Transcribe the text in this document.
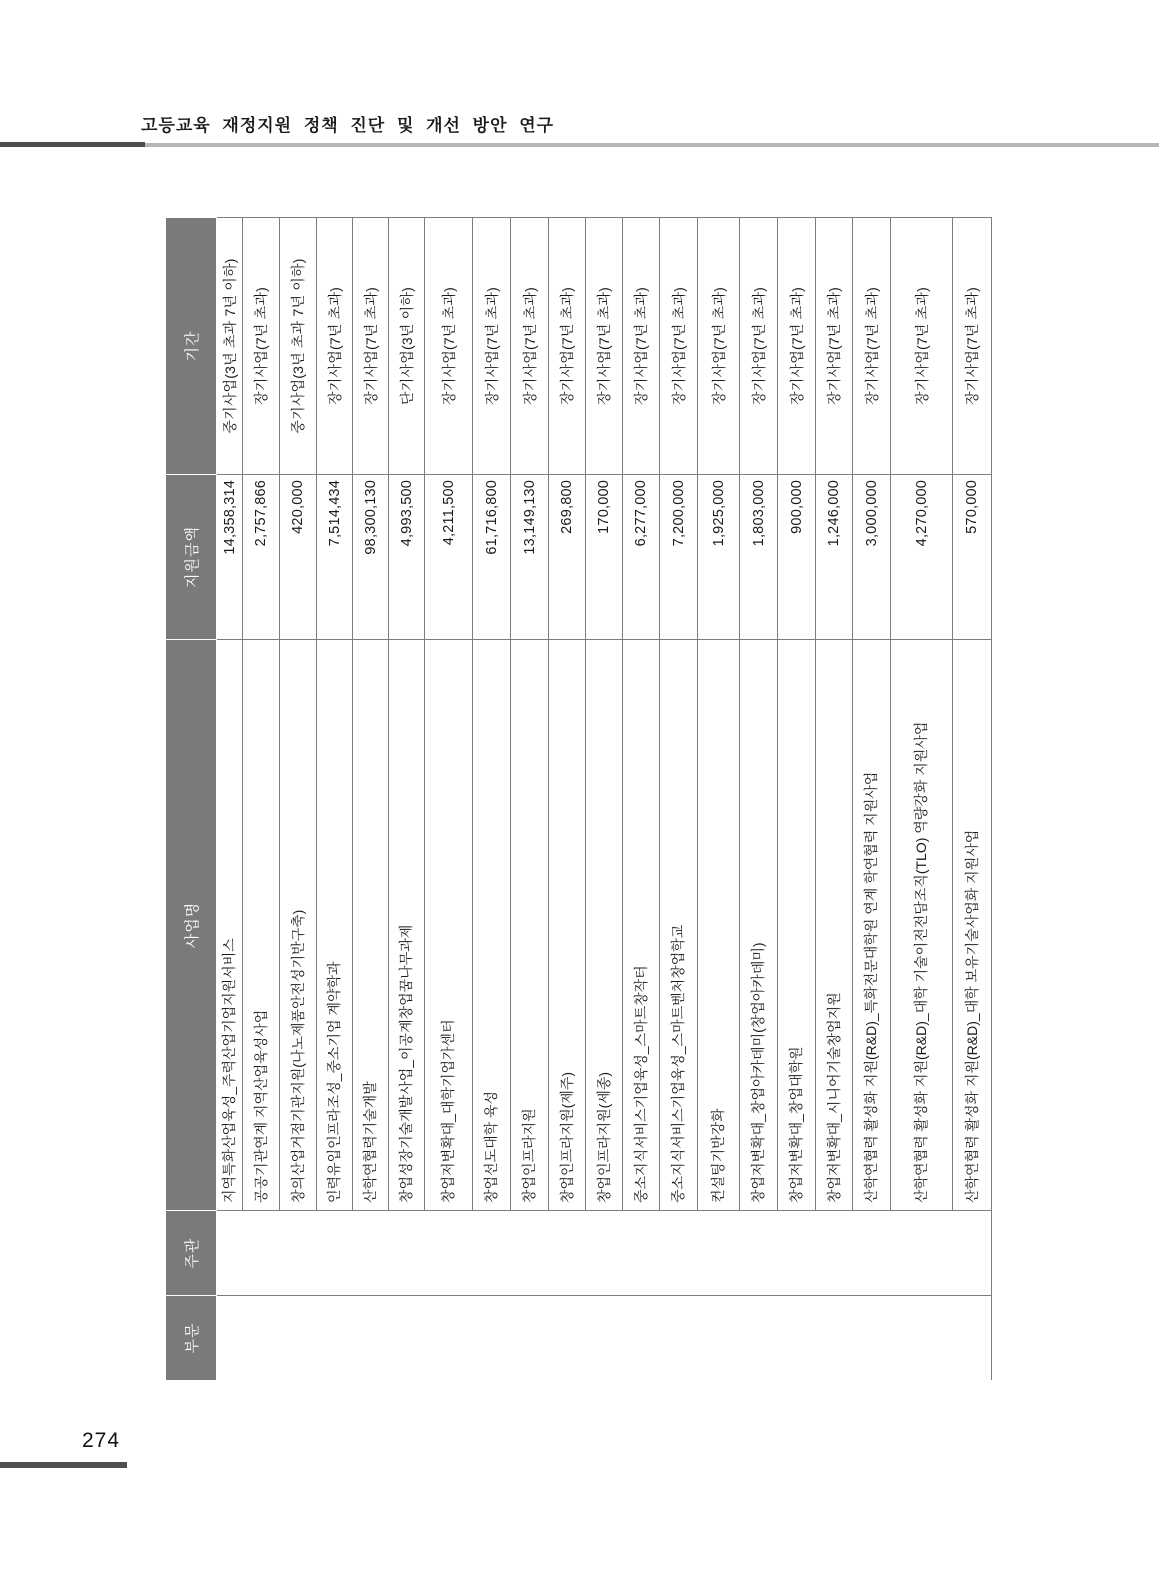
고등교육 재정지원 정책 진단 및 개선 방안 연구
부문	주관	사업명	지원금액	기간
		지역특화산업육성_주력산업기업지원서비스	14,358,314	중기사업(3년 초과 7년 이하)
		공공기관연계 지역산업육성사업	2,757,866	장기사업(7년 초과)
		창의산업거점기관지원(나노제품안전성기반구축)	420,000	중기사업(3년 초과 7년 이하)
		인력유입인프라조성_중소기업 계약학과	7,514,434	장기사업(7년 초과)
		산학연협력기술개발	98,300,130	장기사업(7년 초과)
		창업성장기술개발사업_이공계창업꿈나무과제	4,993,500	단기사업(3년 이하)
		창업저변확대_대학기업가센터	4,211,500	장기사업(7년 초과)
		창업선도대학 육성	61,716,800	장기사업(7년 초과)
		창업인프라지원	13,149,130	장기사업(7년 초과)
		창업인프라지원(제주)	269,800	장기사업(7년 초과)
		창업인프라지원(세종)	170,000	장기사업(7년 초과)
		중소지식서비스기업육성_스마트창작터	6,277,000	장기사업(7년 초과)
		중소지식서비스기업육성_스마트벤처창업학교	7,200,000	장기사업(7년 초과)
		컨설팅기반강화	1,925,000	장기사업(7년 초과)
		창업저변확대_창업아카데미(창업아카데미)	1,803,000	장기사업(7년 초과)
		창업저변확대_창업대학원	900,000	장기사업(7년 초과)
		창업저변확대_시니어기술창업지원	1,246,000	장기사업(7년 초과)
		산학연협력 활성화 지원(R&D)_특화전문대학원 연계 학연협력 지원사업	3,000,000	장기사업(7년 초과)
		산학연협력 활성화 지원(R&D)_대학 기술이전전담조직(TLO) 역량강화 지원사업	4,270,000	장기사업(7년 초과)
		산학연협력 활성화 지원(R&D)_대학 보유기술사업화 지원사업	570,000	장기사업(7년 초과)
274
